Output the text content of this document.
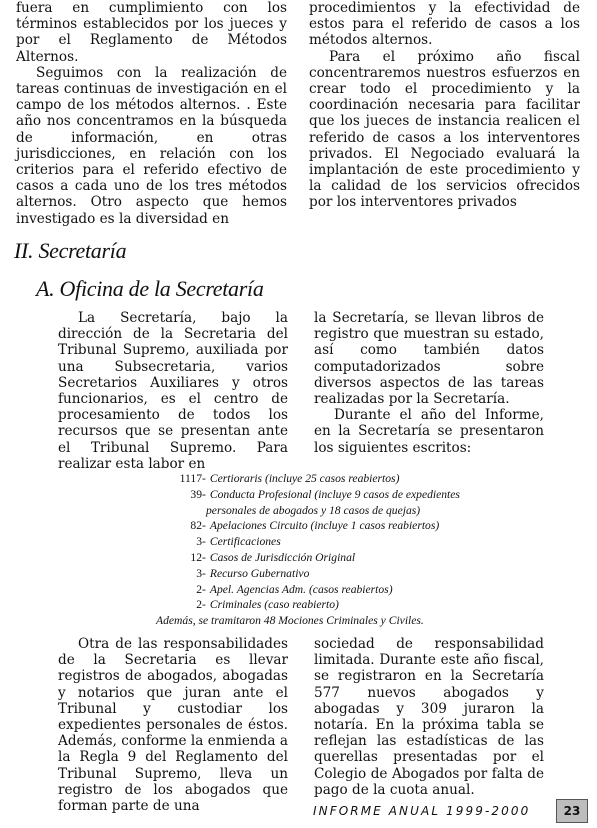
fuera en cumplimiento con los términos establecidos por los jueces y por el Reglamento de Métodos Alternos.

Seguimos con la realización de tareas continuas de investigación en el campo de los métodos alternos. . Este año nos concentramos en la búsqueda de información, en otras jurisdicciones, en relación con los criterios para el referido efectivo de casos a cada uno de los tres métodos alternos. Otro aspecto que hemos investigado es la diversidad en

procedimientos y la efectividad de estos para el referido de casos a los métodos alternos.

Para el próximo año fiscal concentraremos nuestros esfuerzos en crear todo el procedimiento y la coordinación necesaria para facilitar que los jueces de instancia realicen el referido de casos a los interventores privados. El Negociado evaluará la implantación de este procedimiento y la calidad de los servicios ofrecidos por los interventores privados

II. Secretaría
A. Oficina de la Secretaría

La Secretaría, bajo la dirección de la Secretaria del Tribunal Supremo, auxiliada por una Subsecretaria, varios Secretarios Auxiliares y otros funcionarios, es el centro de procesamiento de todos los recursos que se presentan ante el Tribunal Supremo. Para realizar esta labor en

la Secretaría, se llevan libros de registro que muestran su estado, así como también datos computadorizados sobre diversos aspectos de las tareas realizadas por la Secretaría.

Durante el año del Informe, en la Secretaría se presentaron los siguientes escritos:

1117 - Certioraris (incluye 25 casos reabiertos)
39 - Conducta Profesional (incluye 9 casos de expedientes
personales de abogados y 18 casos de quejas)
82 - Apelaciones Circuito (incluye 1 casos reabiertos)
3 - Certificaciones
12 - Casos de Jurisdicción Original
3 - Recurso Gubernativo
2 - Apel. Agencias Adm. (casos reabiertos)
2 - Criminales (caso reabierto)
Además, se tramitaron 48 Mociones Criminales y Civiles.

Otra de las responsabilidades de la Secretaria es llevar registros de abogados, abogadas y notarios que juran ante el Tribunal y custodiar los expedientes personales de éstos. Además, conforme la enmienda a la Regla 9 del Reglamento del Tribunal Supremo, lleva un registro de los abogados que forman parte de una

sociedad de responsabilidad limitada. Durante este año fiscal, se registraron en la Secretaría 577 nuevos abogados y abogadas y 309 juraron la notaría. En la próxima tabla se reflejan las estadísticas de las querellas presentadas por el Colegio de Abogados por falta de pago de la cuota anual.

INFORME ANUAL 1999-2000	23
